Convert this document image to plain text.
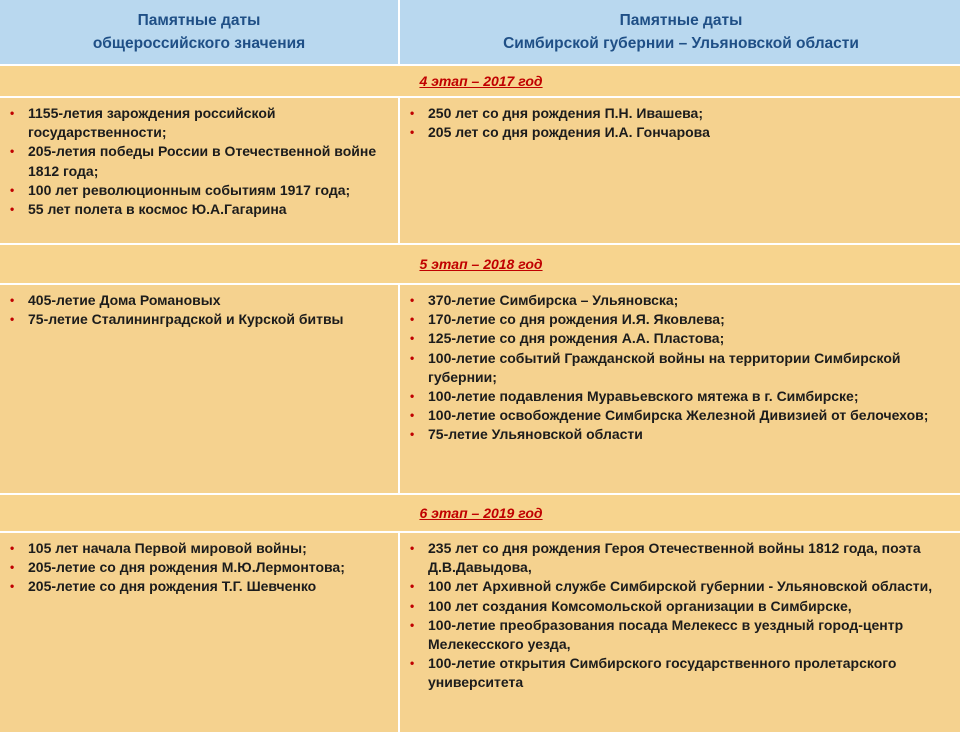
Памятные даты
общероссийского значения
Памятные даты
Симбирской губернии – Ульяновской области
4 этап – 2017 год
• 1155-летия зарождения российской государственности;
• 205-летия победы России в Отечественной войне 1812 года;
• 100 лет революционным событиям 1917 года;
• 55 лет полета в космос Ю.А.Гагарина
• 250 лет со дня рождения П.Н. Ивашева;
• 205 лет со дня рождения И.А. Гончарова
5 этап – 2018 год
• 405-летие Дома Романовых
• 75-летие Сталининградской и Курской битвы
• 370-летие Симбирска – Ульяновска;
• 170-летие со дня рождения И.Я. Яковлева;
• 125-летие со дня рождения А.А. Пластова;
• 100-летие событий Гражданской войны на территории Симбирской губернии;
• 100-летие подавления Муравьевского мятежа в г. Симбирске;
• 100-летие освобождение Симбирска Железной Дивизией от белочехов;
• 75-летие Ульяновской области
6 этап – 2019 год
• 105 лет начала Первой мировой войны;
• 205-летие со дня рождения М.Ю.Лермонтова;
• 205-летие со дня рождения Т.Г. Шевченко
• 235 лет со дня рождения Героя Отечественной войны 1812 года, поэта Д.В.Давыдова,
• 100 лет Архивной службе Симбирской губернии - Ульяновской области,
• 100 лет создания Комсомольской организации в Симбирске,
• 100-летие преобразования посада Мелекесс в уездный город-центр Мелекесского уезда,
• 100-летие открытия Симбирского государственного пролетарского университета
